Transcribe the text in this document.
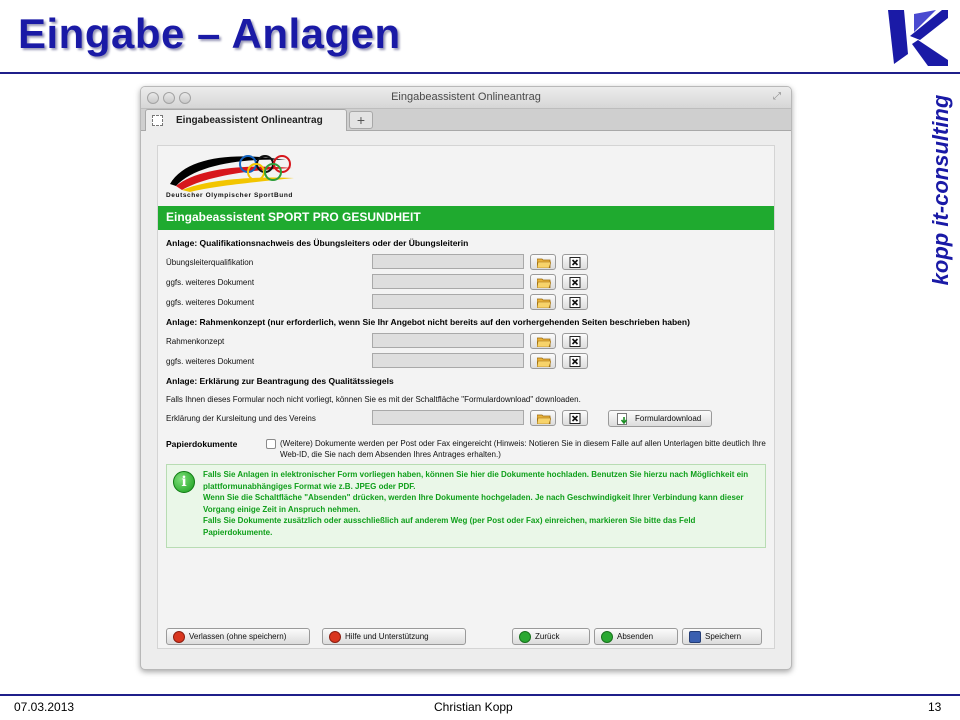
Eingabe – Anlagen
kopp it-consulting
Eingabeassistent Onlineantrag	⤢
Eingabeassistent Onlineantrag	+
Deutscher Olympischer SportBund
Eingabeassistent SPORT PRO GESUNDHEIT
Anlage: Qualifikationsnachweis des Übungsleiters oder der Übungsleiterin
Übungsleiterqualifikation
ggfs. weiteres Dokument
ggfs. weiteres Dokument
Anlage: Rahmenkonzept (nur erforderlich, wenn Sie Ihr Angebot nicht bereits auf den vorhergehenden Seiten beschrieben haben)
Rahmenkonzept
ggfs. weiteres Dokument
Anlage: Erklärung zur Beantragung des Qualitätssiegels
Falls Ihnen dieses Formular noch nicht vorliegt, können Sie es mit der Schaltfläche "Formulardownload" downloaden.
Erklärung der Kursleitung und des Vereins	Formulardownload
Papierdokumente	(Weitere) Dokumente werden per Post oder Fax eingereicht (Hinweis: Notieren Sie in diesem Falle auf allen Unterlagen bitte deutlich Ihre Web-ID, die Sie nach dem Absenden Ihres Antrages erhalten.)
i	Falls Sie Anlagen in elektronischer Form vorliegen haben, können Sie hier die Dokumente hochladen. Benutzen Sie hierzu nach Möglichkeit ein plattformunabhängiges Format wie z.B. JPEG oder PDF.
Wenn Sie die Schaltfläche "Absenden" drücken, werden Ihre Dokumente hochgeladen. Je nach Geschwindigkeit Ihrer Verbindung kann dieser Vorgang einige Zeit in Anspruch nehmen.
Falls Sie Dokumente zusätzlich oder ausschließlich auf anderem Weg (per Post oder Fax) einreichen, markieren Sie bitte das Feld Papierdokumente.
Verlassen (ohne speichern)	Hilfe und Unterstützung	Zurück	Absenden	Speichern
07.03.2013	Christian Kopp	13
